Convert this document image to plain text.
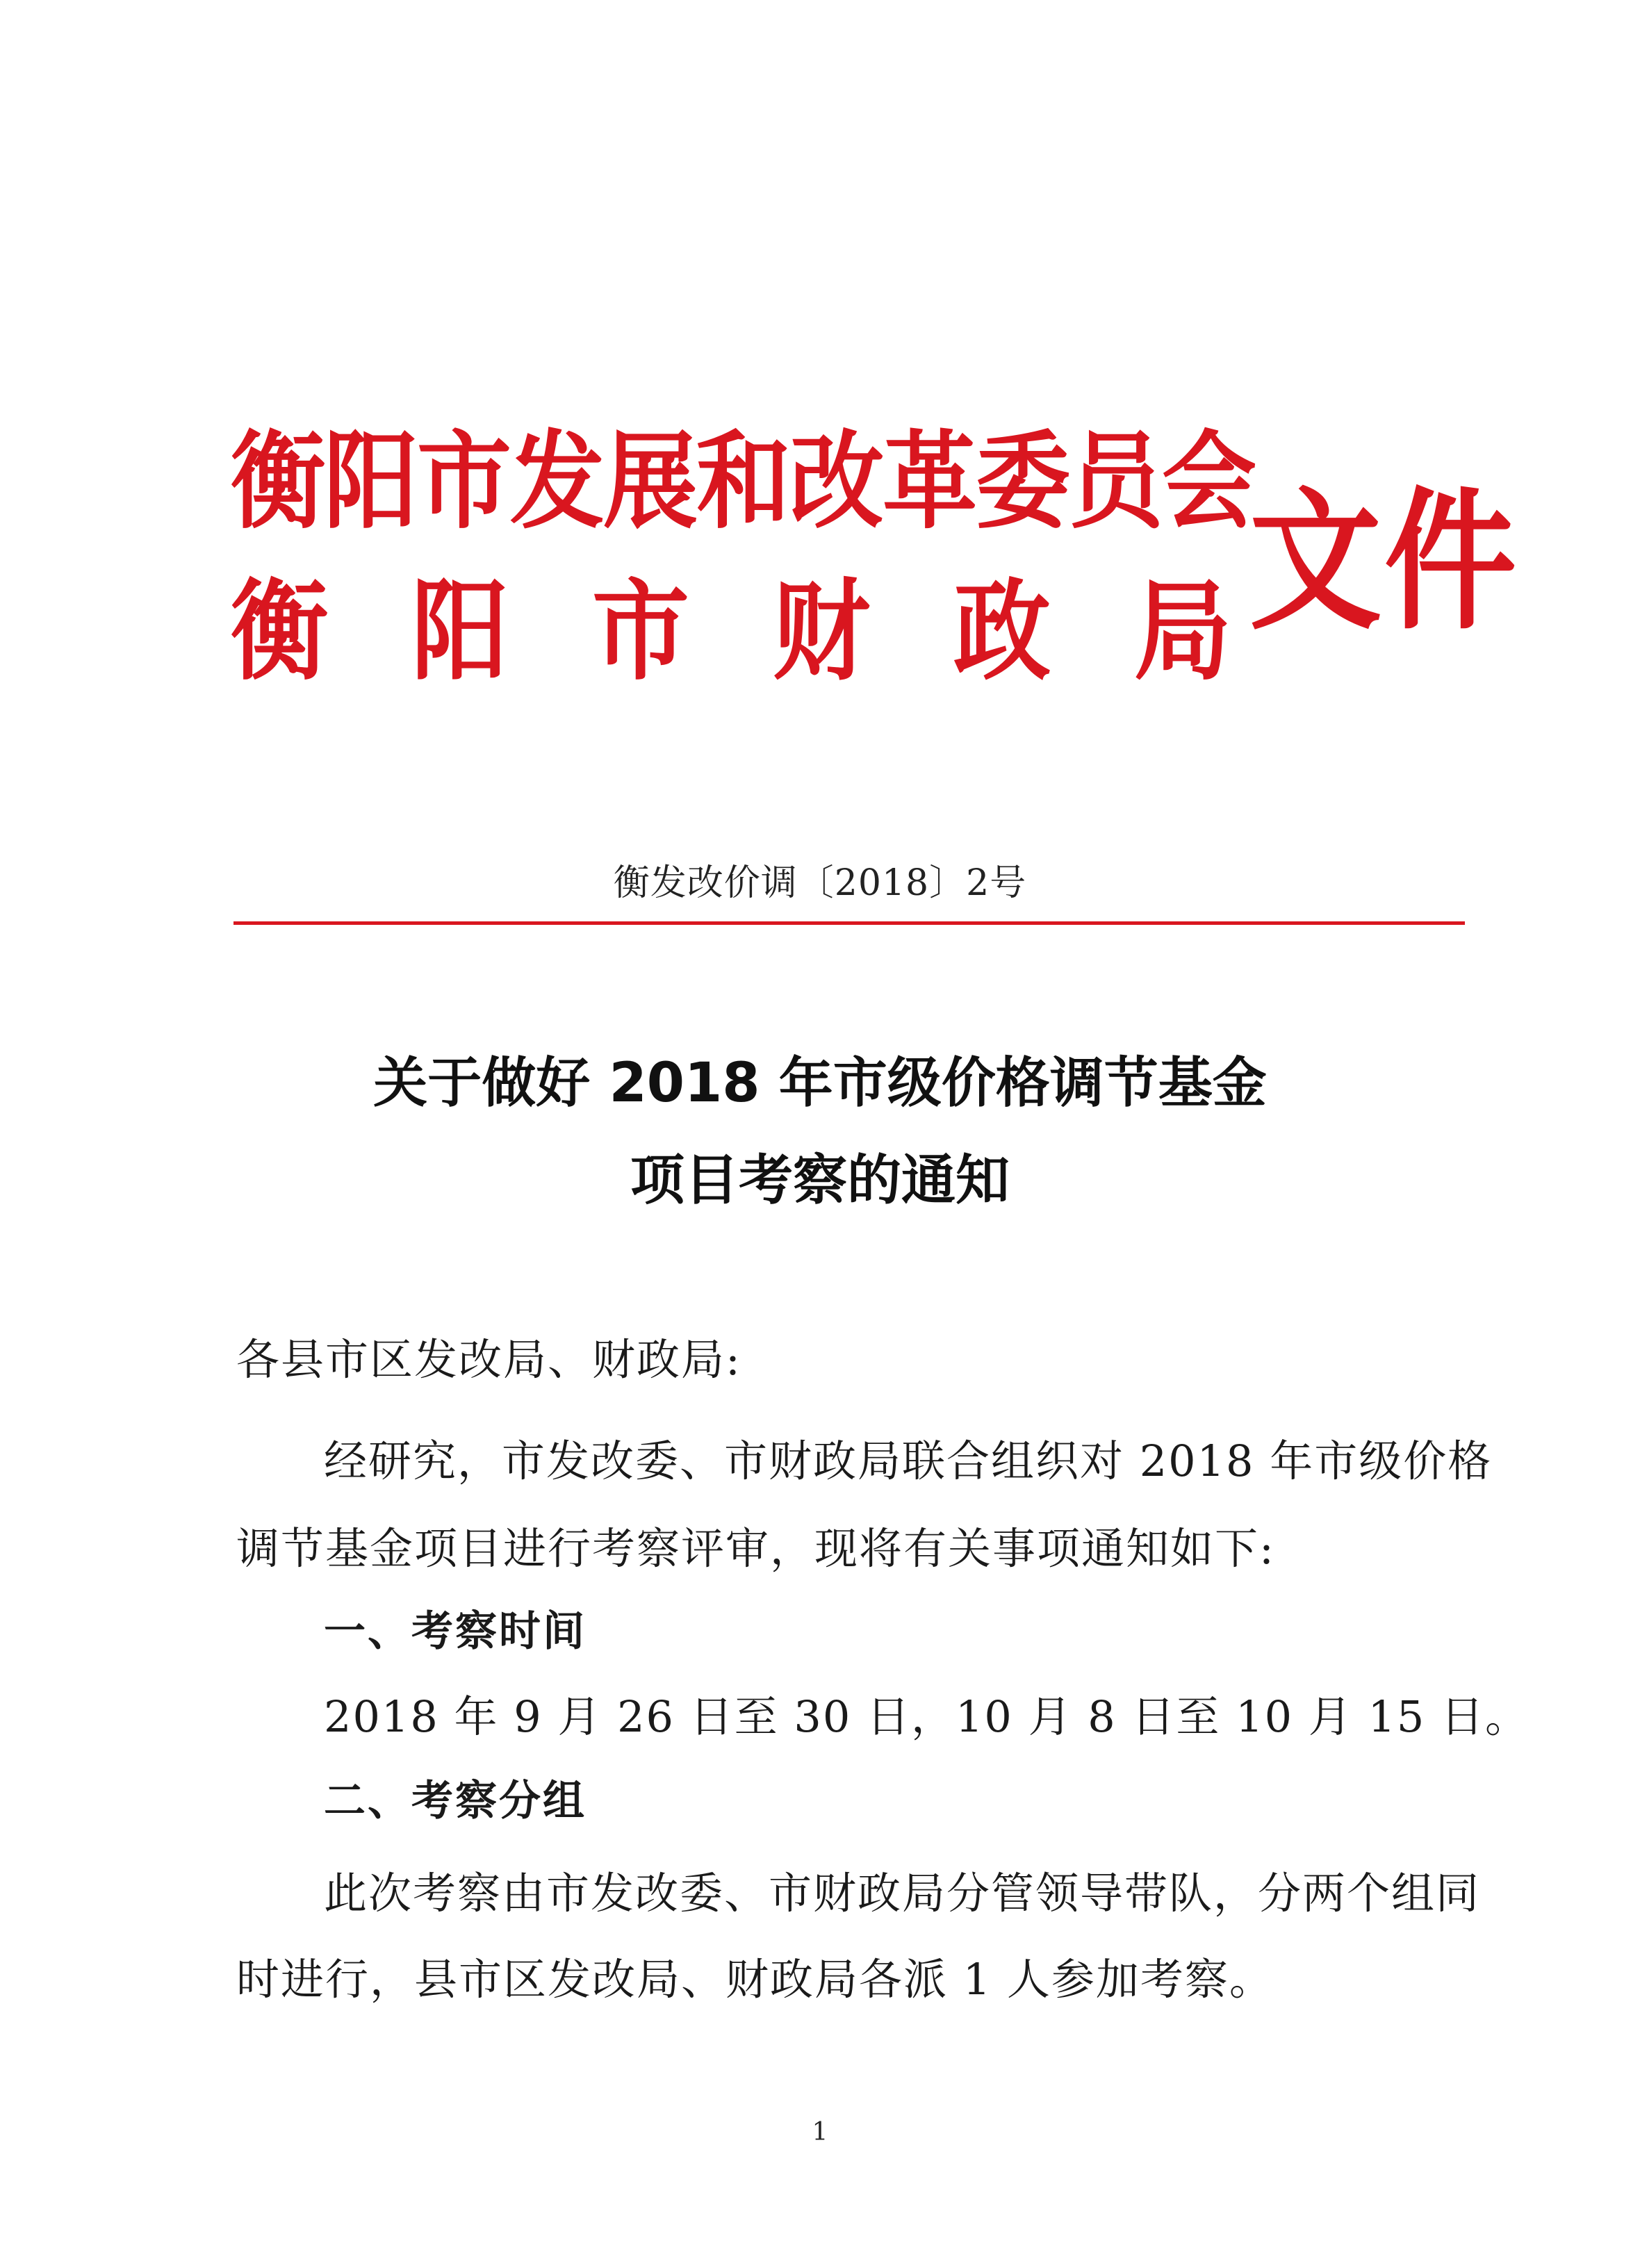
衡阳市发展和改革委员会
衡 阳 市 财 政 局 文件
衡发改价调〔2018〕2号
关于做好 2018 年市级价格调节基金
项目考察的通知
各县市区发改局、财政局:
经研究，市发改委、市财政局联合组织对 2018 年市级价格
调节基金项目进行考察评审，现将有关事项通知如下:
一、考察时间
2018 年 9 月 26 日至 30 日，10 月 8 日至 10 月 15 日。
二、考察分组
此次考察由市发改委、市财政局分管领导带队，分两个组同
时进行，县市区发改局、财政局各派 1 人参加考察。
1
